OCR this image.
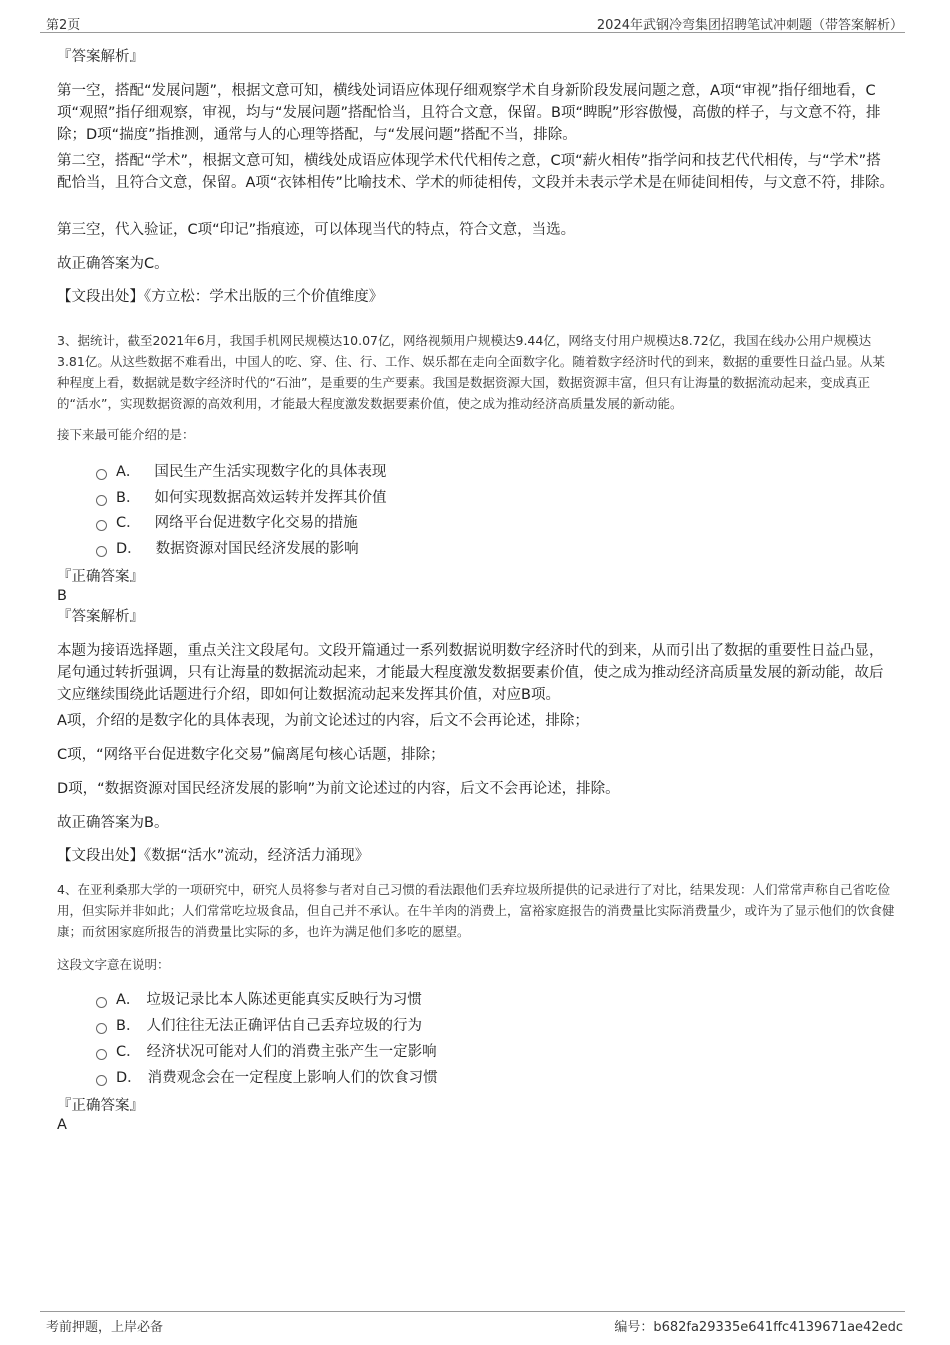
第2页	2024年武钢冷弯集团招聘笔试冲刺题（带答案解析）
『答案解析』
第一空，搭配“发展问题”，根据文意可知，横线处词语应体现仔细观察学术自身新阶段发展问题之意，A项“审视”指仔细地看，C项“观照”指仔细观察，审视，均与“发展问题”搭配恰当，且符合文意，保留。B项“睥睨”形容傲慢，高傲的样子，与文意不符，排除；D项“揣度”指推测，通常与人的心理等搭配，与“发展问题”搭配不当，排除。
第二空，搭配“学术”，根据文意可知，横线处成语应体现学术代代相传之意，C项“薪火相传”指学问和技艺代代相传，与“学术”搭配恰当，且符合文意，保留。A项“衣钵相传”比喻技术、学术的师徒相传，文段并未表示学术是在师徒间相传，与文意不符，排除。
第三空，代入验证，C项“印记”指痕迹，可以体现当代的特点，符合文意，当选。
故正确答案为C。
【文段出处】《方立松：学术出版的三个价值维度》
3、据统计，截至2021年6月，我国手机网民规模达10.07亿，网络视频用户规模达9.44亿，网络支付用户规模达8.72亿，我国在线办公用户规模达3.81亿。从这些数据不难看出，中国人的吃、穿、住、行、工作、娱乐都在走向全面数字化。随着数字经济时代的到来，数据的重要性日益凸显。从某种程度上看，数据就是数字经济时代的“石油”，是重要的生产要素。我国是数据资源大国，数据资源丰富，但只有让海量的数据流动起来，变成真正的“活水”，实现数据资源的高效利用，才能最大程度激发数据要素价值，使之成为推动经济高质量发展的新动能。
接下来最可能介绍的是：
A． 国民生产生活实现数字化的具体表现
B． 如何实现数据高效运转并发挥其价值
C． 网络平台促进数字化交易的措施
D． 数据资源对国民经济发展的影响
『正确答案』
B
『答案解析』
本题为接语选择题，重点关注文段尾句。文段开篇通过一系列数据说明数字经济时代的到来，从而引出了数据的重要性日益凸显，尾句通过转折强调，只有让海量的数据流动起来，才能最大程度激发数据要素价值，使之成为推动经济高质量发展的新动能，故后文应继续围绕此话题进行介绍，即如何让数据流动起来发挥其价值，对应B项。
A项，介绍的是数字化的具体表现，为前文论述过的内容，后文不会再论述，排除；
C项，“网络平台促进数字化交易”偏离尾句核心话题，排除；
D项，“数据资源对国民经济发展的影响”为前文论述过的内容，后文不会再论述，排除。
故正确答案为B。
【文段出处】《数据“活水”流动，经济活力涌现》
4、在亚利桑那大学的一项研究中，研究人员将参与者对自己习惯的看法跟他们丢弃垃圾所提供的记录进行了对比，结果发现：人们常常声称自己省吃俭用，但实际并非如此；人们常常吃垃圾食品，但自己并不承认。在牛羊肉的消费上，富裕家庭报告的消费量比实际消费量少，或许为了显示他们的饮食健康；而贫困家庭所报告的消费量比实际的多，也许为满足他们多吃的愿望。
这段文字意在说明：
A． 垃圾记录比本人陈述更能真实反映行为习惯
B． 人们往往无法正确评估自己丢弃垃圾的行为
C． 经济状况可能对人们的消费主张产生一定影响
D． 消费观念会在一定程度上影响人们的饮食习惯
『正确答案』
A
考前押题，上岸必备	编号：b682fa29335e641ffc4139671ae42edc
